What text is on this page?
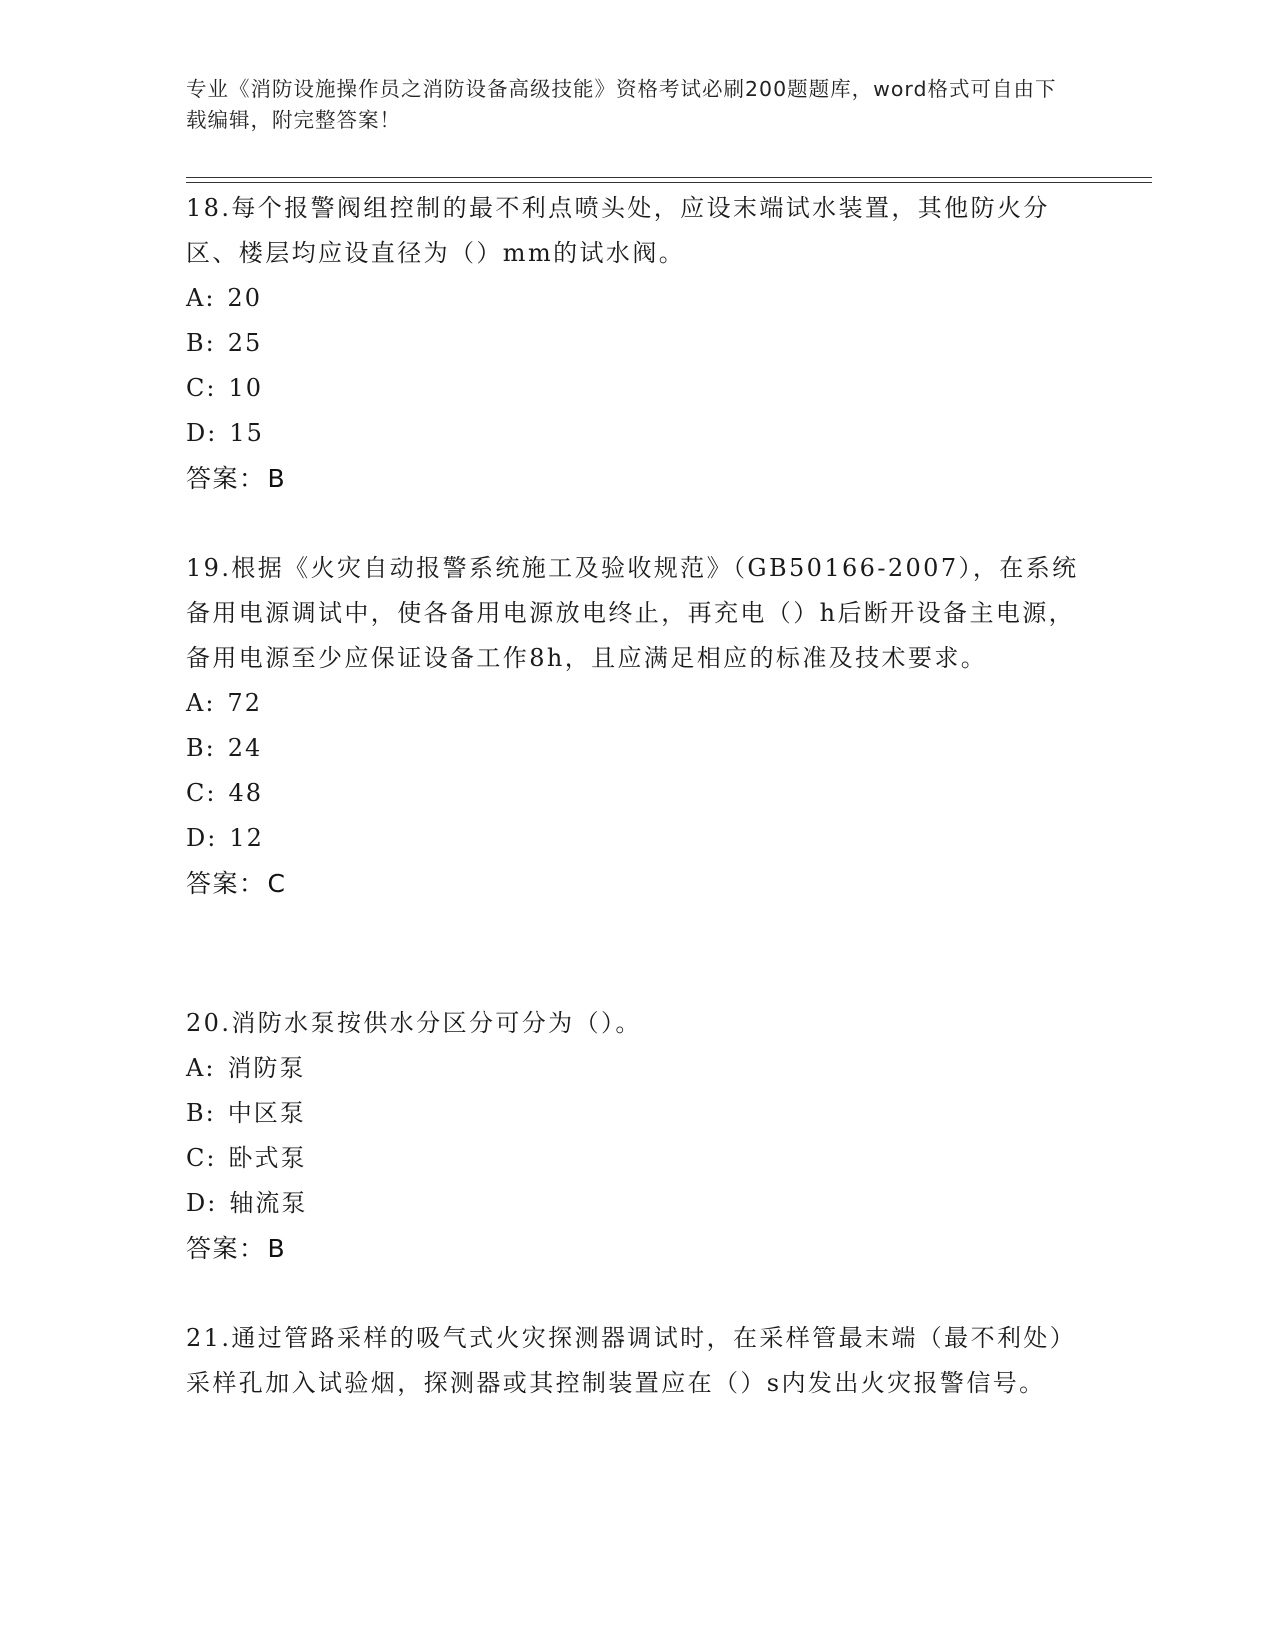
专业《消防设施操作员之消防设备高级技能》资格考试必刷200题题库，word格式可自由下载编辑，附完整答案！

18.每个报警阀组控制的最不利点喷头处，应设末端试水装置，其他防火分区、楼层均应设直径为（）mm的试水阀。

A: 20

B: 25

C: 10

D: 15

答案：B

19.根据《火灾自动报警系统施工及验收规范》（GB50166-2007），在系统备用电源调试中，使各备用电源放电终止，再充电（）h后断开设备主电源，备用电源至少应保证设备工作8h，且应满足相应的标准及技术要求。

A: 72

B: 24

C: 48

D: 12

答案：C

20.消防水泵按供水分区分可分为（）。

A: 消防泵

B: 中区泵

C: 卧式泵

D: 轴流泵

答案：B

21.通过管路采样的吸气式火灾探测器调试时，在采样管最末端（最不利处）采样孔加入试验烟，探测器或其控制装置应在（）s内发出火灾报警信号。
